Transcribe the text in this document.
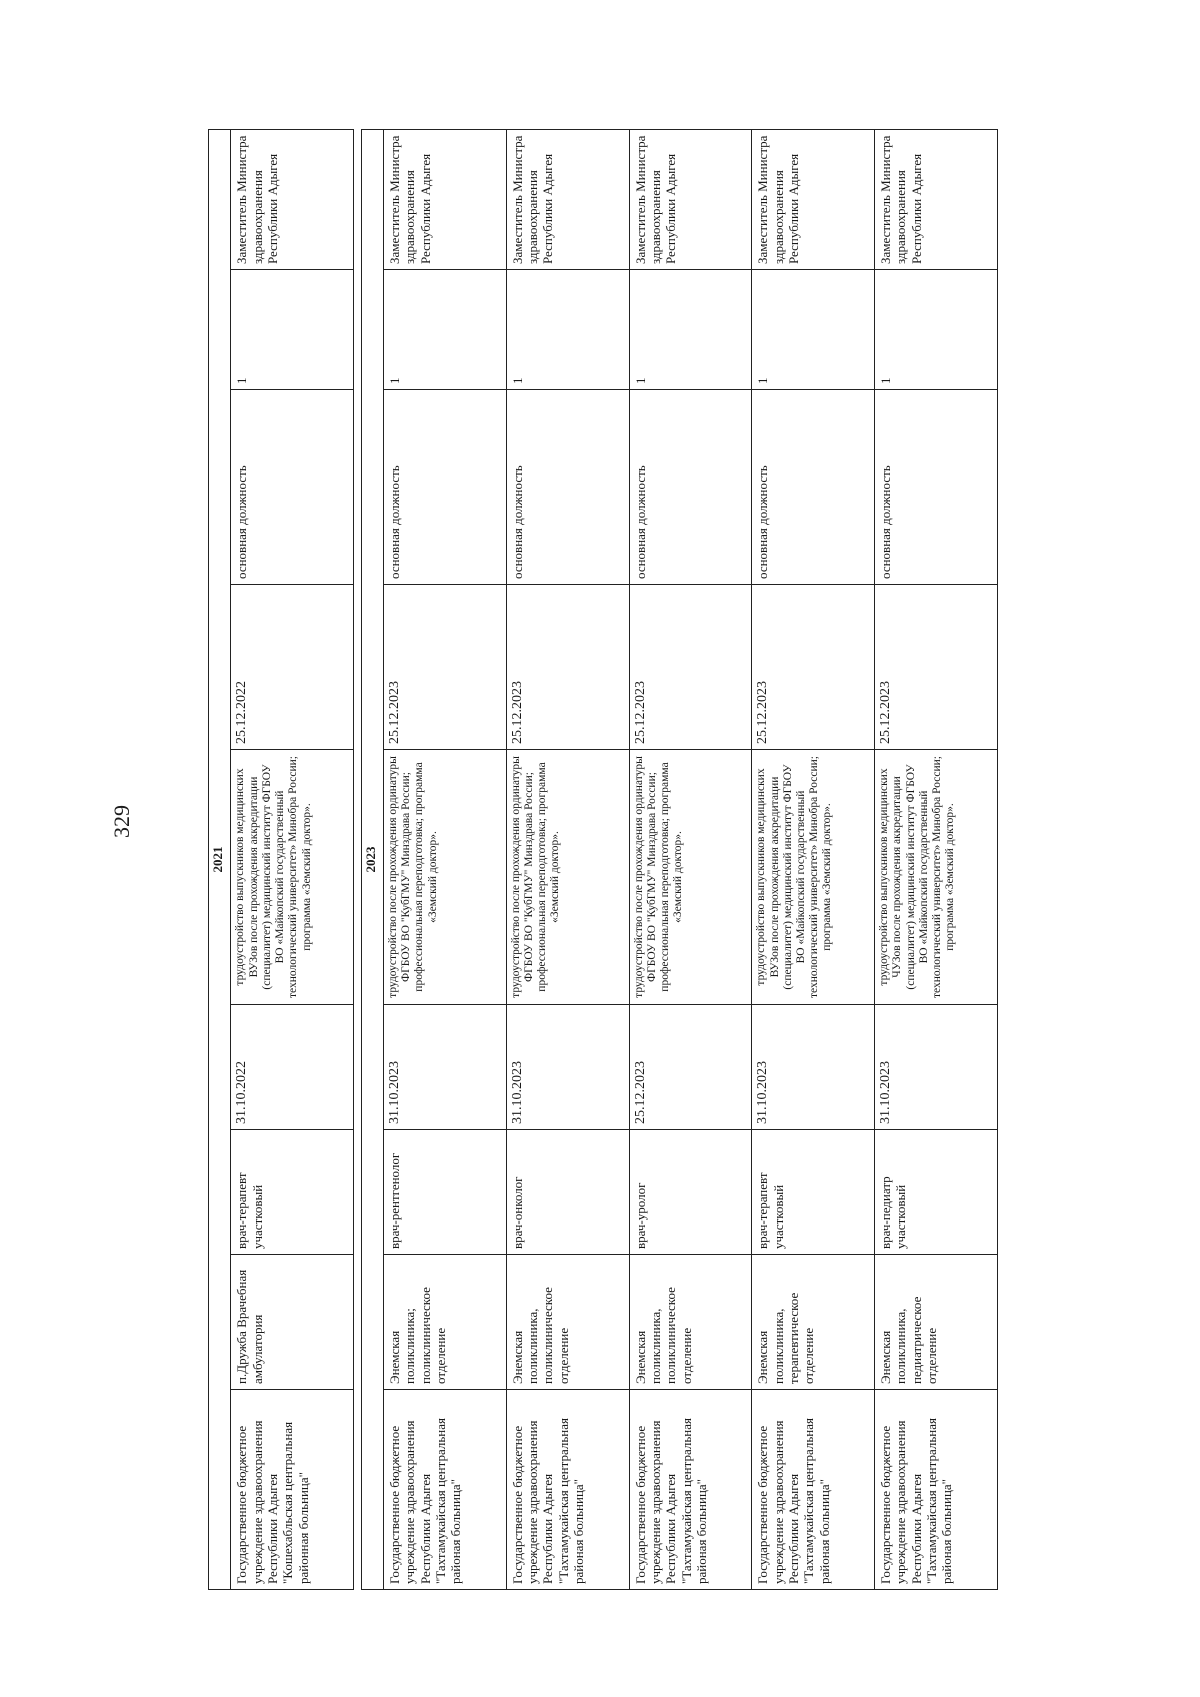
329
2021								
Государственное бюджетное учреждение здравоохранения Республики Адыгея "Кошехабльская центральная районная больница"	п.Дружба Врачебная амбулатория	врач-терапевт участковый	31.10.2022	трудоустройство выпускников медицинских ВУЗов после прохождения аккредитации (специалитет) медицинский институт ФГБОУ ВО «Майкопский государственный технологический университет» Минобра России; программа «Земский доктор».	25.12.2022	основная должность	1	Заместитель Министра здравоохранения Республики Адыгея

2023								
Государственное бюджетное учреждение здравоохранения Республики Адыгея "Тахтамукайская центральная районая больница"	Энемская поликлиника; поликлиническое отделение	врач-рентгенолог	31.10.2023	трудоустройство после прохождения ординатуры ФГБОУ ВО "КубГМУ" Минздрава России; профессиональная переподготовка; программа «Земский доктор».	25.12.2023	основная должность	1	Заместитель Министра здравоохранения Республики Адыгея
Государственное бюджетное учреждение здравоохранения Республики Адыгея "Тахтамукайская центральная районая больница"	Энемская поликлиника, поликлиническое отделение	врач-онколог	31.10.2023	трудоустройство после прохождения ординатуры ФГБОУ ВО "КубГМУ" Минздрава России; профессиональная переподготовка; программа «Земский доктор».	25.12.2023	основная должность	1	Заместитель Министра здравоохранения Республики Адыгея
Государственное бюджетное учреждение здравоохранения Республики Адыгея "Тахтамукайская центральная районая больница"	Энемская поликлиника, поликлиническое отделение	врач-уролог	25.12.2023	трудоустройство после прохождения ординатуры ФГБОУ ВО "КубГМУ" Минздрава России; профессиональная переподготовка; программа «Земский доктор».	25.12.2023	основная должность	1	Заместитель Министра здравоохранения Республики Адыгея
Государственное бюджетное учреждение здравоохранения Республики Адыгея "Тахтамукайская центральная районая больница"	Энемская поликлиника, терапевтическое отделение	врач-терапевт участковый	31.10.2023	трудоустройство выпускников медицинских ВУЗов после прохождения аккредитации (специалитет) медицинский институт ФГБОУ ВО «Майкопский государственный технологический университет» Минобра России; программа «Земский доктор».	25.12.2023	основная должность	1	Заместитель Министра здравоохранения Республики Адыгея
Государственное бюджетное учреждение здравоохранения Республики Адыгея "Тахтамукайская центральная районая больница"	Энемская поликлиника, педиатрическое отделение	врач-педиатр участковый	31.10.2023	трудоустройство выпускников медицинских ЧУЗов после прохождения аккредитации (специалитет) медицинский институт ФГБОУ ВО «Майкопский государственный технологический университет» Минобра России; программа «Земский доктор».	25.12.2023	основная должность	1	Заместитель Министра здравоохранения Республики Адыгея
